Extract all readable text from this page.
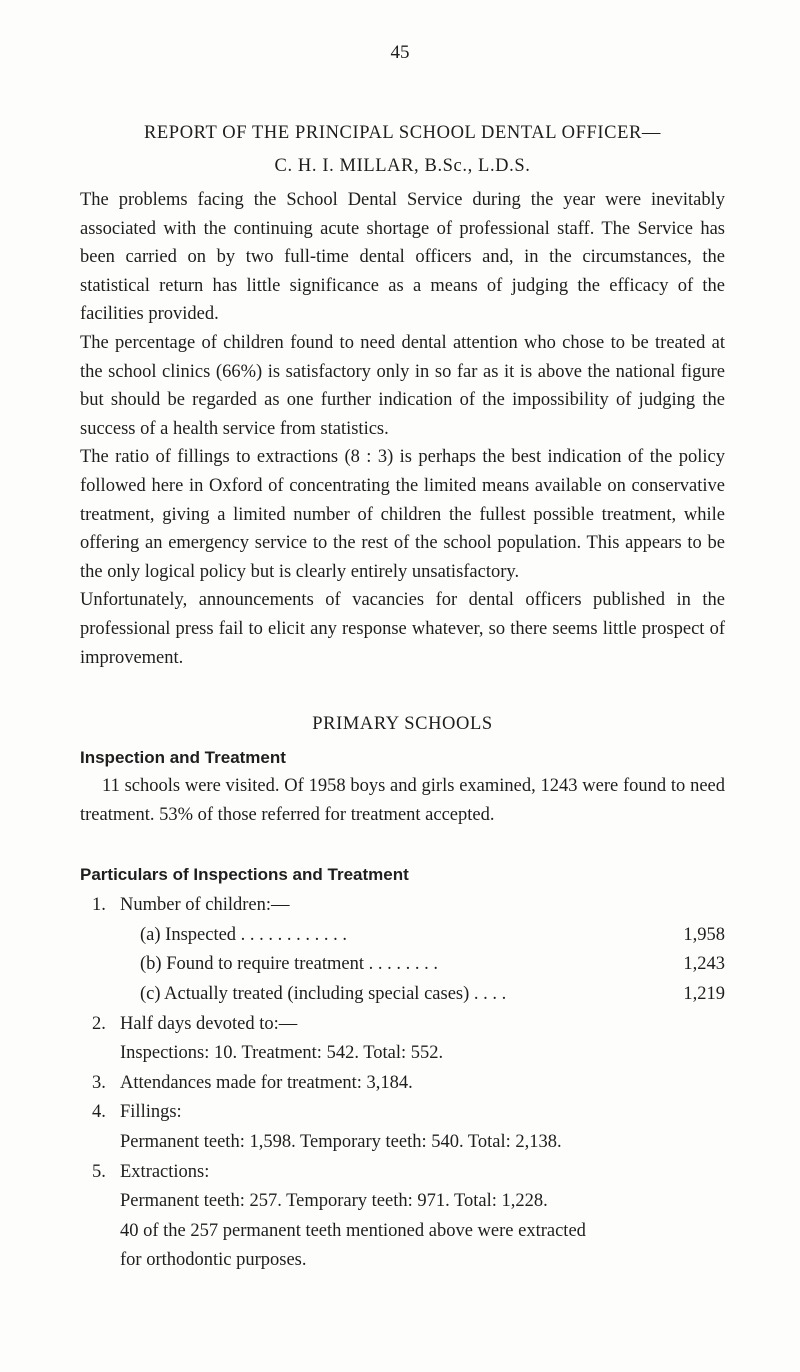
45
REPORT OF THE PRINCIPAL SCHOOL DENTAL OFFICER—
C. H. I. MILLAR, B.Sc., L.D.S.

The problems facing the School Dental Service during the year were inevitably associated with the continuing acute shortage of professional staff. The Service has been carried on by two full-time dental officers and, in the circumstances, the statistical return has little significance as a means of judging the efficacy of the facilities provided.

The percentage of children found to need dental attention who chose to be treated at the school clinics (66%) is satisfactory only in so far as it is above the national figure but should be regarded as one further indication of the impossibility of judging the success of a health service from statistics.

The ratio of fillings to extractions (8 : 3) is perhaps the best indication of the policy followed here in Oxford of concentrating the limited means available on conservative treatment, giving a limited number of children the fullest possible treatment, while offering an emergency service to the rest of the school population. This appears to be the only logical policy but is clearly entirely unsatisfactory.

Unfortunately, announcements of vacancies for dental officers published in the professional press fail to elicit any response whatever, so there seems little prospect of improvement.

PRIMARY SCHOOLS
Inspection and Treatment

11 schools were visited. Of 1958 boys and girls examined, 1243 were found to need treatment. 53% of those referred for treatment accepted.

Particulars of Inspections and Treatment
1. Number of children:—
(a) Inspected . . . . . . . . . . . .	1,958
(b) Found to require treatment . . . . . . . .	1,243
(c) Actually treated (including special cases) . . . .	1,219
2. Half days devoted to:—
Inspections: 10. Treatment: 542. Total: 552.
3. Attendances made for treatment: 3,184.
4. Fillings:
Permanent teeth: 1,598. Temporary teeth: 540. Total: 2,138.
5. Extractions:
Permanent teeth: 257. Temporary teeth: 971. Total: 1,228.
40 of the 257 permanent teeth mentioned above were extracted
for orthodontic purposes.
